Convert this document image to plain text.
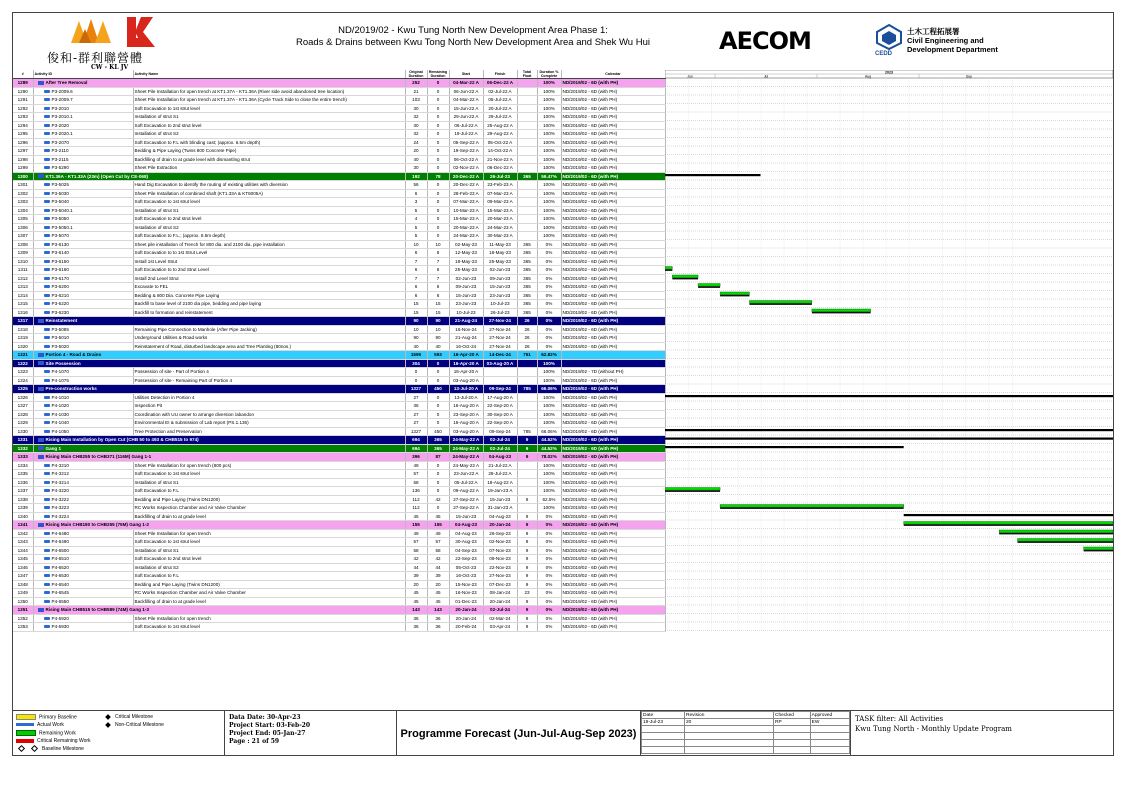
俊和-群利聯營體
CW - KL JV
ND/2019/02 - Kwu Tung North New Development Area Phase 1:
Roads & Drains between Kwu Tong North New Development Area and Shek Wu Hui	AECOM	CEDD
土木工程拓展署
Civil Engineering and
Development Department
#	Activity ID	Activity Name	Original Duration	Remaining Duration	Start	Finish	Total Float	Duration % Complete	Calendar
1289	After Tree Removal		252	0	04-Mar-22 A	06-Dec-22 A		100%	ND/2019/02 - 6D (with PH)
1290	P3-2009.6	Sheet Pile Installation for open trench at KT1.37A - KT1.36A (River side avoid abandoned tree location)	21	0	06-Jun-22 A	02-Jul-22 A		100%	ND/2019/02 - 6D (with PH)
1291	P3-2009.7	Sheet Pile Installation for open trench at KT1.37A - KT1.36A (Cycle Track Side to close the entire trench)	103	0	04-Mar-22 A	05-Jul-22 A		100%	ND/2019/02 - 6D (with PH)
1292	P3-2010	Soft Excavation to 1st strut level	30	0	15-Jun-22 A	20-Jul-22 A		100%	ND/2019/02 - 6D (with PH)
1293	P3-2010.1	Installation of strut S1	32	0	29-Jun-22 A	29-Jul-22 A		100%	ND/2019/02 - 6D (with PH)
1294	P3-2020	Soft Excavation to 2nd strut level	30	0	06-Jul-22 A	25-Aug-22 A		100%	ND/2019/02 - 6D (with PH)
1295	P3-2020.1	Installation of strut S2	32	0	19-Jul-22 A	29-Aug-22 A		100%	ND/2019/02 - 6D (with PH)
1296	P3-2070	Soft Excavation to F.L with blinding cast; (approx. 6.5m depth)	24	0	05-Sep-22 A	05-Oct-22 A		100%	ND/2019/02 - 6D (with PH)
1297	P3-2110	Bedding & Pipe Laying (Twins 800 Concrete Pipe)	20	0	19-Sep-22 A	14-Oct-22 A		100%	ND/2019/02 - 6D (with PH)
1298	P3-2115	Backfilling of drain to at grade level with dismantling strut	40	0	06-Oct-22 A	21-Nov-22 A		100%	ND/2019/02 - 6D (with PH)
1299	P3-5290	Sheet Pile Extraction	30	0	02-Nov-22 A	06-Dec-22 A		100%	ND/2019/02 - 6D (with PH)
1300	KT1.36A - KT1.33A (23m) (Open Cut by CE-068)		192	78	20-Dec-22 A	26-Jul-23	365	59.47%	ND/2019/02 - 6D (with PH)
1301	P3-5025	Hand Dig Excavation to identify the routing of existing utilities with diversion	56	0	20-Dec-22 A	23-Feb-23 A		100%	ND/2019/02 - 6D (with PH)
1302	P3-5030	Sheet Pile Installation of combined shaft (KT1.33A & KT6005A)	6	0	28-Feb-23 A	07-Mar-23 A		100%	ND/2019/02 - 6D (with PH)
1303	P3-5040	Soft Excavation to 1st strut level	3	0	07-Mar-23 A	09-Mar-23 A		100%	ND/2019/02 - 6D (with PH)
1304	P3-5040.1	Installation of strut S1	5	0	10-Mar-23 A	15-Mar-23 A		100%	ND/2019/02 - 6D (with PH)
1305	P3-5050	Soft Excavation to 2nd strut level	4	0	15-Mar-23 A	20-Mar-23 A		100%	ND/2019/02 - 6D (with PH)
1306	P3-5050.1	Installation of strut S2	5	0	20-Mar-23 A	24-Mar-23 A		100%	ND/2019/02 - 6D (with PH)
1307	P3-5070	Soft Excavation to F.L.; (approx. 8.5m depth)	5	0	24-Mar-23 A	30-Mar-23 A		100%	ND/2019/02 - 6D (with PH)
1308	P3-6130	Sheet pile installation of Trench for 800 dia. and 2100 dia. pipe installation	10	10	02-May-23	11-May-23	365	0%	ND/2019/02 - 6D (with PH)
1309	P3-6140	Soft Excavation to to 1st Strut Level	6	6	12-May-23	18-May-23	365	0%	ND/2019/02 - 6D (with PH)
1310	P3-6150	Install 1st Level Strut	7	7	18-May-23	25-May-23	365	0%	ND/2019/02 - 6D (with PH)
1311	P3-6160	Soft Excavation to to 2nd Strut Level	6	6	25-May-23	02-Jun-23	365	0%	ND/2019/02 - 6D (with PH)
1312	P3-6170	Install 2nd Level Strut	7	7	02-Jun-23	09-Jun-23	365	0%	ND/2019/02 - 6D (with PH)
1313	P3-6200	Excavate to FEL	6	6	09-Jun-23	15-Jun-23	365	0%	ND/2019/02 - 6D (with PH)
1314	P3-6210	Bedding & 800 Dia. Concrete Pipe Laying	6	6	15-Jun-23	23-Jun-23	365	0%	ND/2019/02 - 6D (with PH)
1315	P3-6220	Backfill to base level of 2100 dia pipe, bedding and pipe laying	15	15	23-Jun-23	10-Jul-23	365	0%	ND/2019/02 - 6D (with PH)
1316	P3-6230	Backfill to formation and reinstatement	15	15	10-Jul-23	26-Jul-23	365	0%	ND/2019/02 - 6D (with PH)
1317	Reinstatement		90	90	21-Aug-24	27-Nov-24	26	0%	ND/2019/02 - 6D (with PH)
1318	P3-5085	Remaining Pipe Connection to Manhole (After Pipe Jacking)	10	10	16-Nov-24	27-Nov-24	26	0%	ND/2019/02 - 6D (with PH)
1319	P3-5010	Underground Utilities & Road works	90	90	21-Aug-24	27-Nov-24	26	0%	ND/2019/02 - 6D (with PH)
1320	P3-5020	Reinstatement of Road, disturbed landscape area and Tree Planting (80nos.)	40	40	16-Oct-24	27-Nov-24	26	0%	ND/2019/02 - 6D (with PH)
1321	Portion 4 - Road & Drains		1595	593	16-Apr-20 A	14-Dec-24	751	62.82%	
1322	Site Possession		304	0	16-Apr-20 A	03-Aug-20 A		100%	
1323	P4-1070	Possession of site - Part of Portion 4	0	0	16-Apr-20 A			100%	ND/2019/02 - 7D (without PH)
1324	P4-1075	Possession of site - Remaining Part of Portion 4	0	0	03-Aug-20 A			100%	ND/2019/02 - 6D (with PH)
1325	Pre-construction works		1327	450	13-Jul-20 A	09-Sep-24	785	66.06%	ND/2019/02 - 6D (with PH)
1326	P4-1010	Utilities Detection in Portion 4	27	0	13-Jul-20 A	17-Aug-20 A		100%	ND/2019/02 - 6D (with PH)
1327	P4-1020	Inspection Pit	36	0	16-Aug-20 A	22-Sep-20 A		100%	ND/2019/02 - 6D (with PH)
1328	P4-1030	Coordination with UU owner to arrange diversion /abandon	27	0	23-Sep-20 A	30-Sep-20 A		100%	ND/2019/02 - 6D (with PH)
1329	P4-1040	Environmental EI & submission of Lab report (PS.1.136)	27	0	16-Aug-20 A	22-Sep-20 A		100%	ND/2019/02 - 6D (with PH)
1330	P4-1050	Tree Protection and Preservation	1327	450	03-Aug-20 A	09-Sep-24	785	66.06%	ND/2019/02 - 6D (with PH)
1331	Rising Main Installation by Open Cut (CHB 50 to 493 & CHB515 to 974)		694	365	24-May-22 A	02-Jul-24	9	44.52%	ND/2019/02 - 6D (with PH)
1332	Gang 1		694	365	24-May-22 A	02-Jul-24	9	44.52%	ND/2019/02 - 6D (with PH)
1333	Rising Main CHB255 to CHB371 (116M) Gang 1-1		396	87	24-May-22 A	04-Aug-23	9	78.02%	ND/2019/02 - 6D (with PH)
1334	P4-3210	Sheet Pile Installation for open trench (800 pcs)	49	0	24-May-22 A	21-Jul-22 A		100%	ND/2019/02 - 6D (with PH)
1335	P4-3212	Soft Excavation to 1st strut level	57	0	23-Jun-22 A	28-Jul-22 A		100%	ND/2019/02 - 6D (with PH)
1336	P4-3214	Installation of strut S1	58	0	05-Jul-22 A	18-Aug-22 A		100%	ND/2019/02 - 6D (with PH)
1337	P4-3220	Soft Excavation to F.L	136	0	09-Aug-22 A	19-Jan-23 A		100%	ND/2019/02 - 6D (with PH)
1338	P4-3222	Bedding and Pipe Laying (Twins DN1200)	112	42	27-Sep-22 A	15-Jun-23	9	62.5%	ND/2019/02 - 6D (with PH)
1339	P4-3223	RC Works Inspection Chamber and Air Valve Chamber	112	0	27-Sep-22 A	31-Jan-23 A		100%	ND/2019/02 - 6D (with PH)
1340	P4-3224	Backfilling of drain to at grade level	45	45	15-Jun-23	04-Aug-23	9	0%	ND/2019/02 - 6D (with PH)
1341	Rising Main CHB180 to CHB255 (75M) Gang 1-2		155	155	04-Aug-23	20-Jan-24	9	0%	ND/2019/02 - 6D (with PH)
1342	P4-6480	Sheet Pile Installation for open trench	49	49	04-Aug-23	26-Sep-23	9	0%	ND/2019/02 - 6D (with PH)
1343	P4-6490	Soft Excavation to 1st strut level	57	57	30-Aug-23	02-Nov-23	9	0%	ND/2019/02 - 6D (with PH)
1344	P4-6500	Installation of strut S1	58	58	04-Sep-23	07-Nov-23	9	0%	ND/2019/02 - 6D (with PH)
1345	P4-6510	Soft Excavation to 2nd strut level	42	42	22-Sep-23	09-Nov-23	9	0%	ND/2019/02 - 6D (with PH)
1346	P4-6520	Installation of strut S2	44	44	05-Oct-23	22-Nov-23	9	0%	ND/2019/02 - 6D (with PH)
1347	P4-6530	Soft Excavation to F.L	39	39	16-Oct-23	27-Nov-23	9	0%	ND/2019/02 - 6D (with PH)
1348	P4-6540	Bedding and Pipe Laying (Twins DN1200)	20	20	15-Nov-23	07-Dec-23	9	0%	ND/2019/02 - 6D (with PH)
1349	P4-6545	RC Works Inspection Chamber and Air Valve Chamber	45	45	16-Nov-23	08-Jan-24	23	0%	ND/2019/02 - 6D (with PH)
1350	P4-6550	Backfilling of drain to at grade level	45	45	01-Dec-23	20-Jan-24	9	0%	ND/2019/02 - 6D (with PH)
1351	Rising Main CHB515 to CHB589 (74M) Gang 1-3		143	143	20-Jan-24	02-Jul-24	9	0%	ND/2019/02 - 6D (with PH)
1352	P4-5920	Sheet Pile Installation for open trench	36	36	20-Jan-24	02-Mar-24	9	0%	ND/2019/02 - 6D (with PH)
1353	P4-5930	Soft Excavation to 1st strut level	36	36	20-Feb-24	03-Apr-24	9	0%	ND/2019/02 - 6D (with PH)
2023
Jun	Jul	Aug	Sep
Primary Baseline
Actual Work
Remaining Work
Critical Remaining Work
Baseline Milestone
Critical Milestone
Non-Critical Milestone
Data Date: 30-Apr-23
Project Start: 03-Feb-20
Project End: 05-Jan-27
Page : 21 of 59
Programme Forecast (Jun-Jul-Aug-Sep 2023)
Date	Revision	Checked	Approved
19-Jul-23	20	RP	EW

				TASK filter: All Activities
Kwu Tung North - Monthly Update Program
